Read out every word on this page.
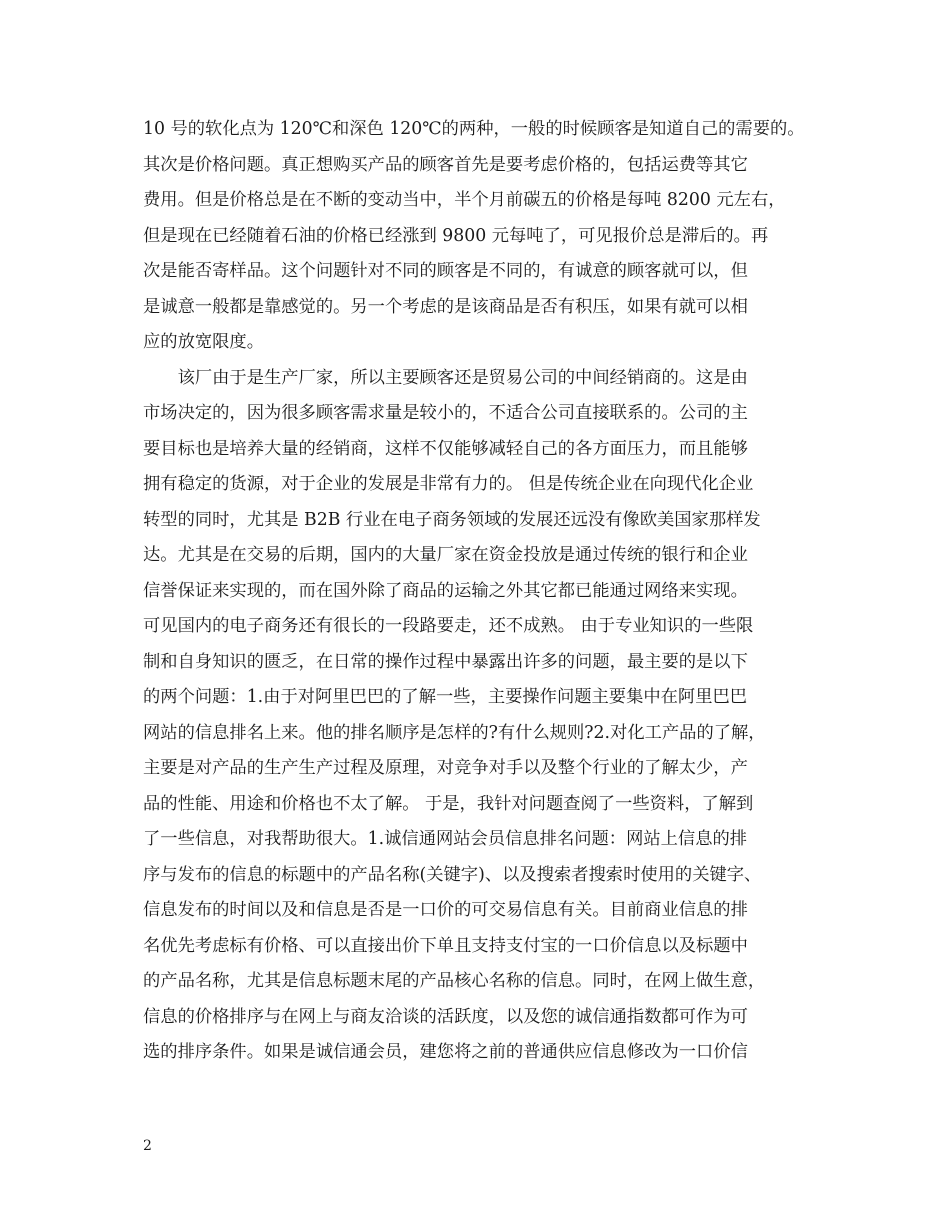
10 号的软化点为 120℃和深色 120℃的两种，一般的时候顾客是知道自己的需要的。
其次是价格问题。真正想购买产品的顾客首先是要考虑价格的，包括运费等其它
费用。但是价格总是在不断的变动当中，半个月前碳五的价格是每吨 8200 元左右，
但是现在已经随着石油的价格已经涨到 9800 元每吨了，可见报价总是滞后的。再
次是能否寄样品。这个问题针对不同的顾客是不同的，有诚意的顾客就可以，但
是诚意一般都是靠感觉的。另一个考虑的是该商品是否有积压，如果有就可以相
应的放宽限度。
　　该厂由于是生产厂家，所以主要顾客还是贸易公司的中间经销商的。这是由
市场决定的，因为很多顾客需求量是较小的，不适合公司直接联系的。公司的主
要目标也是培养大量的经销商，这样不仅能够减轻自己的各方面压力，而且能够
拥有稳定的货源，对于企业的发展是非常有力的。 但是传统企业在向现代化企业
转型的同时，尤其是 B2B 行业在电子商务领域的发展还远没有像欧美国家那样发
达。尤其是在交易的后期，国内的大量厂家在资金投放是通过传统的银行和企业
信誉保证来实现的，而在国外除了商品的运输之外其它都已能通过网络来实现。
可见国内的电子商务还有很长的一段路要走，还不成熟。 由于专业知识的一些限
制和自身知识的匮乏，在日常的操作过程中暴露出许多的问题，最主要的是以下
的两个问题：1.由于对阿里巴巴的了解一些，主要操作问题主要集中在阿里巴巴
网站的信息排名上来。他的排名顺序是怎样的?有什么规则?2.对化工产品的了解，
主要是对产品的生产生产过程及原理，对竞争对手以及整个行业的了解太少，产
品的性能、用途和价格也不太了解。 于是，我针对问题查阅了一些资料，了解到
了一些信息，对我帮助很大。1.诚信通网站会员信息排名问题：网站上信息的排
序与发布的信息的标题中的产品名称(关键字)、以及搜索者搜索时使用的关键字、
信息发布的时间以及和信息是否是一口价的可交易信息有关。目前商业信息的排
名优先考虑标有价格、可以直接出价下单且支持支付宝的一口价信息以及标题中
的产品名称，尤其是信息标题末尾的产品核心名称的信息。同时，在网上做生意，
信息的价格排序与在网上与商友洽谈的活跃度，以及您的诚信通指数都可作为可
选的排序条件。如果是诚信通会员，建您将之前的普通供应信息修改为一口价信
2
